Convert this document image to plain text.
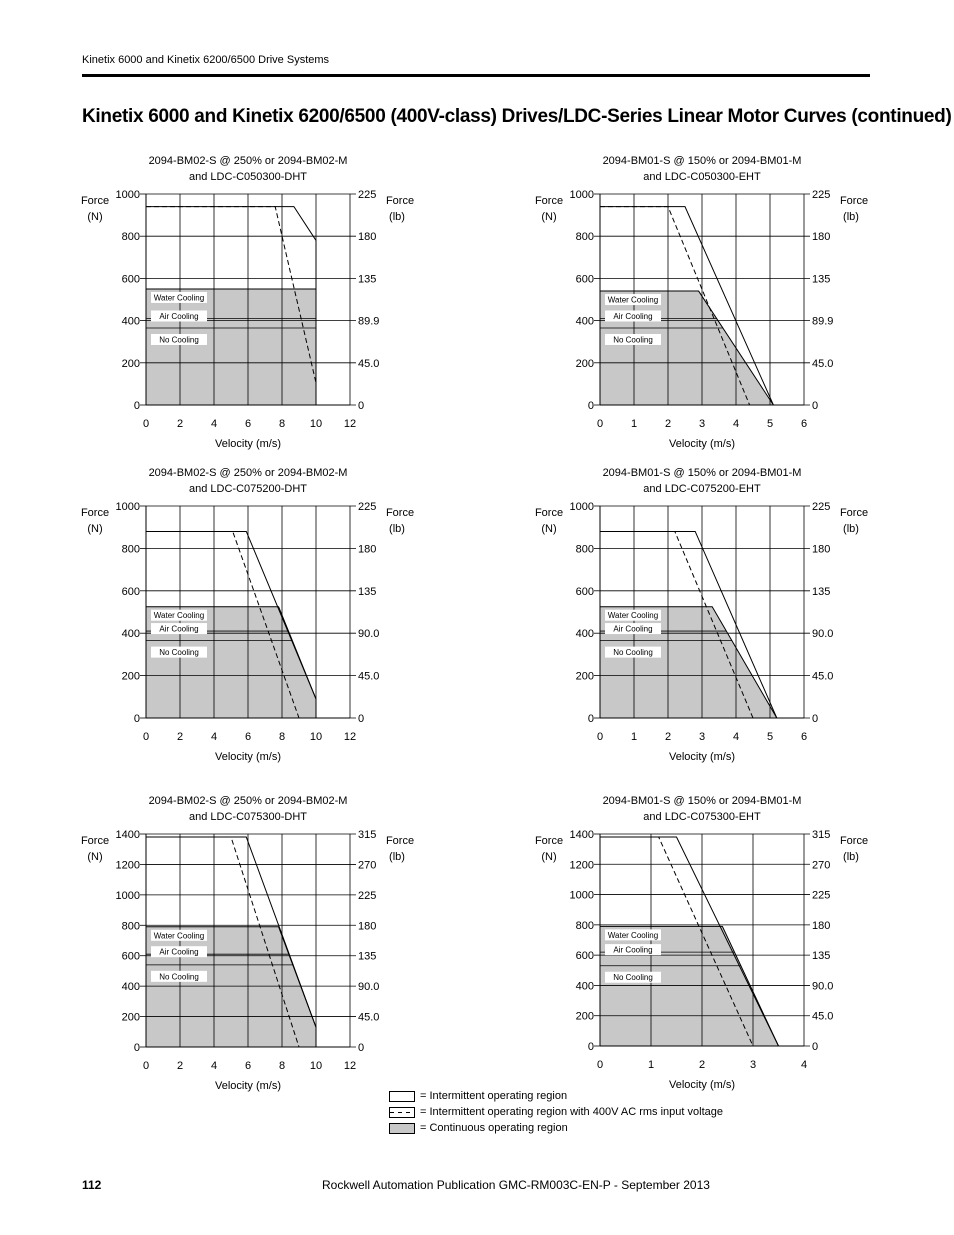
Kinetix 6000 and Kinetix 6200/6500 Drive Systems
Kinetix 6000 and Kinetix 6200/6500 (400V-class) Drives/LDC-Series Linear Motor Curves (continued)
Water Cooling
Air Cooling
No Cooling
0	2	4	6	8 10 12
0
200
400
600
800
1000
0
45.0
89.9
135
180
225
Velocity (m/s)
Force
(N)
Force
(lb)
2094-BM02-S @ 250% or 2094-BM02-M
and LDC-C050300-DHT
Water Cooling
Air Cooling
No Cooling
0	1	2	3	4	5	6
0
200
400
600
800
1000
0
45.0
89.9
135
180
225
Velocity (m/s)
Force
(N)
Force
(lb)
2094-BM01-S @ 150% or 2094-BM01-M
and LDC-C050300-EHT
Water Cooling
Air Cooling
No Cooling
0	2	4	6	8 10 12
0
200
400
600
800
1000
0
45.0
90.0
135
180
225
Velocity (m/s)
Force
(N)
Force
(lb)
2094-BM02-S @ 250% or 2094-BM02-M
and LDC-C075200-DHT
Water Cooling
Air Cooling
No Cooling
0	1	2	3	4	5	6
0
200
400
600
800
1000
0
45.0
90.0
135
180
225
Velocity (m/s)
Force
(N)
Force
(lb)
2094-BM01-S @ 150% or 2094-BM01-M
and LDC-C075200-EHT
Water Cooling
Air Cooling
No Cooling
0	2	4	6	8 10 12
0
200
400
600
800
1000
1200
1400
0
45.0
90.0
135
180
225
270
315
Velocity (m/s)
Force
(N)
Force
(lb)
2094-BM02-S @ 250% or 2094-BM02-M
and LDC-C075300-DHT
Water Cooling
Air Cooling
No Cooling
0	1	2	3	4
0
200
400
600
800
1000
1200
1400
0
45.0
90.0
135
180
225
270
315
Velocity (m/s)
Force
(N)
Force
(lb)
2094-BM01-S @ 150% or 2094-BM01-M
and LDC-C075300-EHT
= Intermittent operating region
= Intermittent operating region with 400V AC rms input voltage
= Continuous operating region
112	Rockwell Automation Publication GMC-RM003C-EN-P - September 2013
